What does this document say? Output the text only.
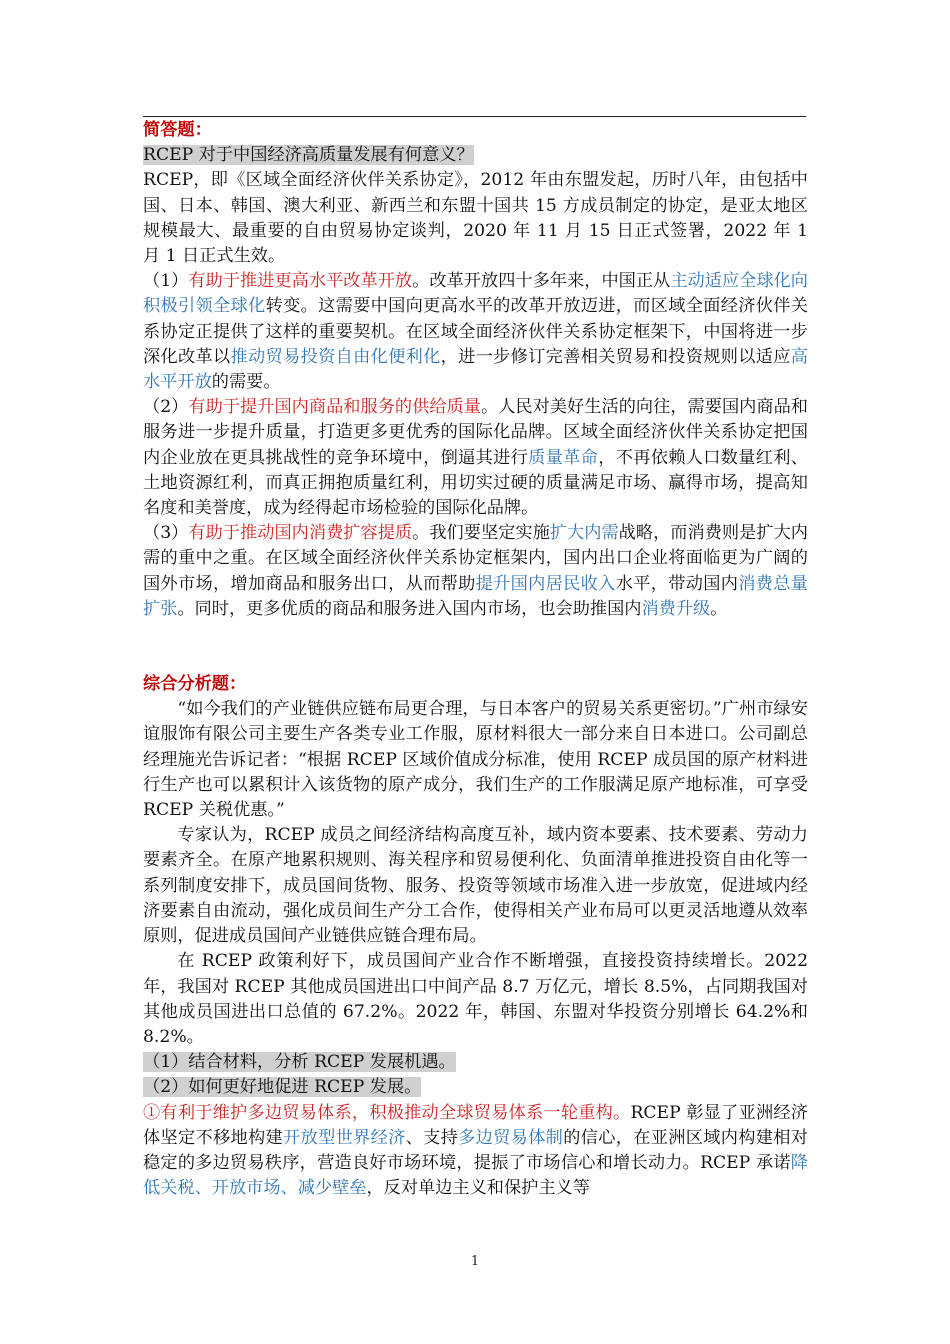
简答题：

RCEP 对于中国经济高质量发展有何意义？

RCEP，即《区域全面经济伙伴关系协定》，2012 年由东盟发起，历时八年，由包括中国、日本、韩国、澳大利亚、新西兰和东盟十国共 15 方成员制定的协定，是亚太地区规模最大、最重要的自由贸易协定谈判，2020 年 11 月 15 日正式签署，2022 年 1 月 1 日正式生效。

（1）有助于推进更高水平改革开放。改革开放四十多年来，中国正从主动适应全球化向积极引领全球化转变。这需要中国向更高水平的改革开放迈进，而区域全面经济伙伴关系协定正提供了这样的重要契机。在区域全面经济伙伴关系协定框架下，中国将进一步深化改革以推动贸易投资自由化便利化，进一步修订完善相关贸易和投资规则以适应高水平开放的需要。

（2）有助于提升国内商品和服务的供给质量。人民对美好生活的向往，需要国内商品和服务进一步提升质量，打造更多更优秀的国际化品牌。区域全面经济伙伴关系协定把国内企业放在更具挑战性的竞争环境中，倒逼其进行质量革命，不再依赖人口数量红利、土地资源红利，而真正拥抱质量红利，用切实过硬的质量满足市场、赢得市场，提高知名度和美誉度，成为经得起市场检验的国际化品牌。

（3）有助于推动国内消费扩容提质。我们要坚定实施扩大内需战略，而消费则是扩大内需的重中之重。在区域全面经济伙伴关系协定框架内，国内出口企业将面临更为广阔的国外市场，增加商品和服务出口，从而帮助提升国内居民收入水平，带动国内消费总量扩张。同时，更多优质的商品和服务进入国内市场，也会助推国内消费升级。

综合分析题：

“如今我们的产业链供应链布局更合理，与日本客户的贸易关系更密切。”广州市绿安谊服饰有限公司主要生产各类专业工作服，原材料很大一部分来自日本进口。公司副总经理施光告诉记者：“根据 RCEP 区域价值成分标准，使用 RCEP 成员国的原产材料进行生产也可以累积计入该货物的原产成分，我们生产的工作服满足原产地标准，可享受 RCEP 关税优惠。”

专家认为，RCEP 成员之间经济结构高度互补，域内资本要素、技术要素、劳动力要素齐全。在原产地累积规则、海关程序和贸易便利化、负面清单推进投资自由化等一系列制度安排下，成员国间货物、服务、投资等领域市场准入进一步放宽，促进域内经济要素自由流动，强化成员间生产分工合作，使得相关产业布局可以更灵活地遵从效率原则，促进成员国间产业链供应链合理布局。

在 RCEP 政策利好下，成员国间产业合作不断增强，直接投资持续增长。2022 年，我国对 RCEP 其他成员国进出口中间产品 8.7 万亿元，增长 8.5%，占同期我国对其他成员国进出口总值的 67.2%。2022 年，韩国、东盟对华投资分别增长 64.2%和 8.2%。

（1）结合材料，分析 RCEP 发展机遇。

（2）如何更好地促进 RCEP 发展。

①有利于维护多边贸易体系，积极推动全球贸易体系一轮重构。RCEP 彰显了亚洲经济体坚定不移地构建开放型世界经济、支持多边贸易体制的信心，在亚洲区域内构建相对稳定的多边贸易秩序，营造良好市场环境，提振了市场信心和增长动力。RCEP 承诺降低关税、开放市场、减少壁垒，反对单边主义和保护主义等

1
